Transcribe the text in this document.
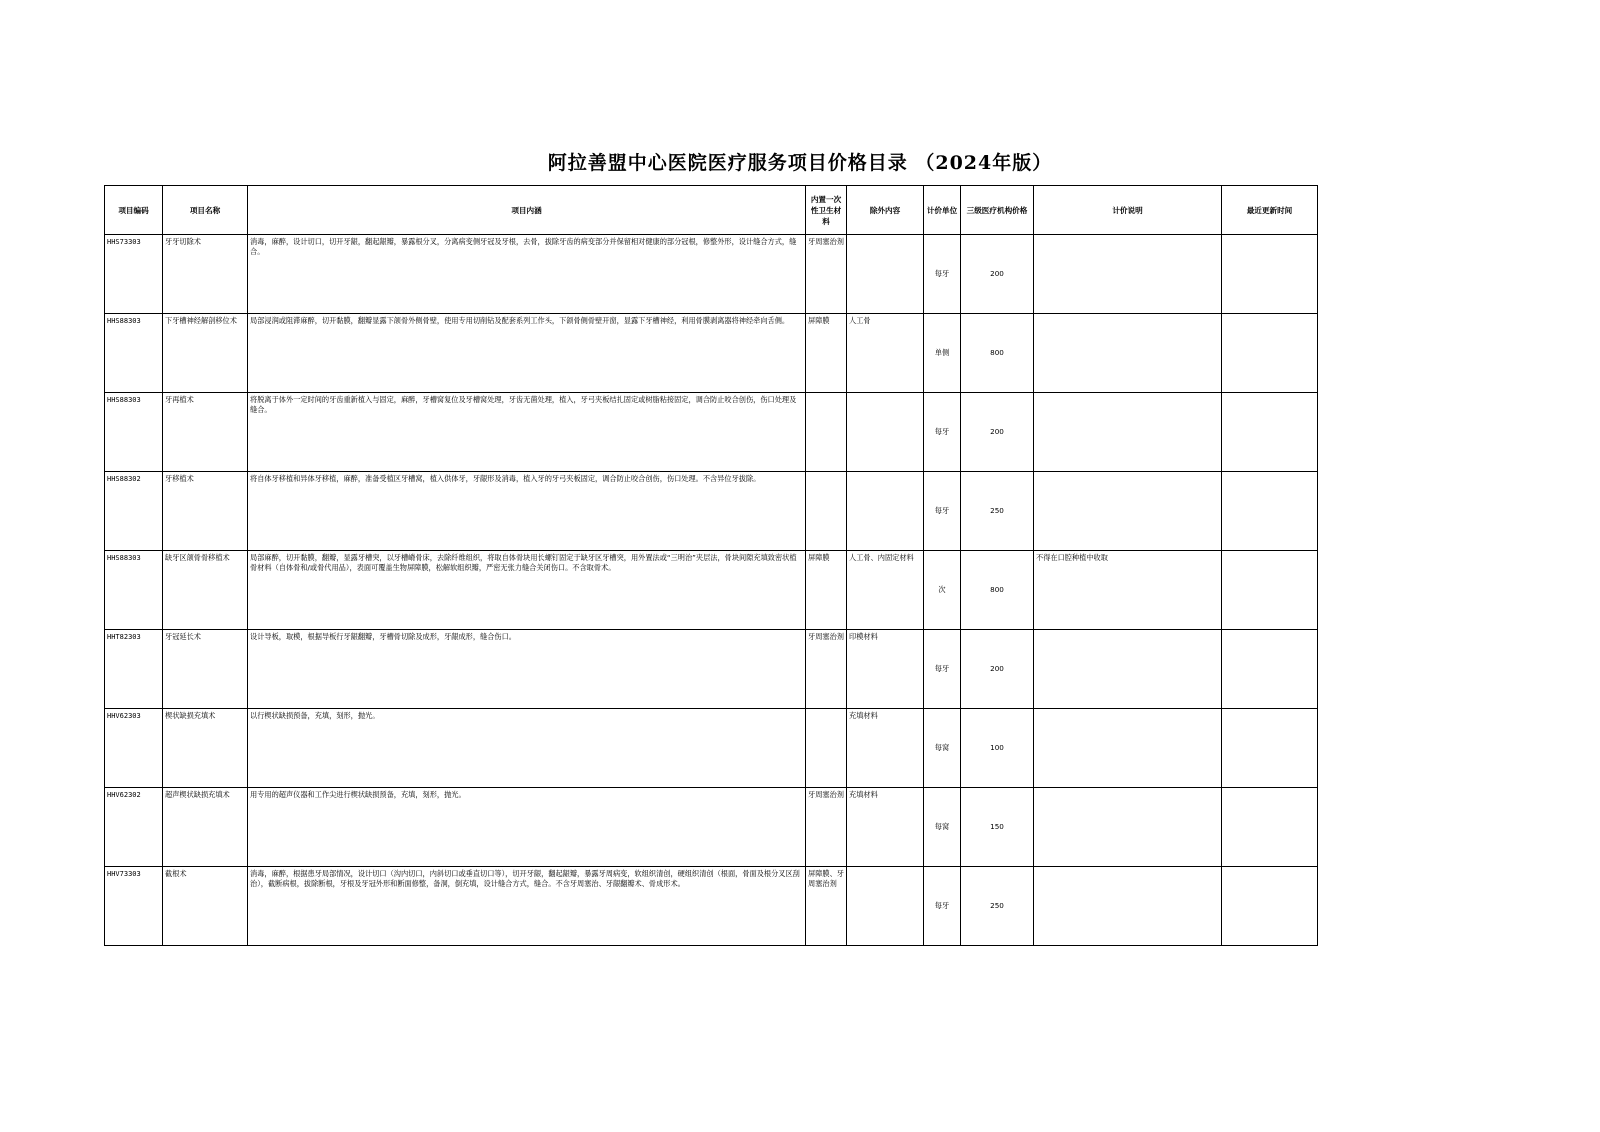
阿拉善盟中心医院医疗服务项目价格目录 （2024年版）
项目编码	项目名称	项目内涵	内置一次性卫生材料	除外内容	计价单位	三级医疗机构价格	计价说明	最近更新时间
HHS73303	牙牙切除术	消毒，麻醉，设计切口，切开牙龈，翻起龈瓣，暴露根分叉，分离病变侧牙冠及牙根，去骨，拔除牙齿的病变部分并保留相对健康的部分冠根，修整外形，设计缝合方式，缝合。	牙周塞治剂		每牙	200		
HHS88303	下牙槽神经解剖移位术	局部浸润或阻滞麻醉，切开黏膜，翻瓣显露下颌骨外侧骨壁，使用专用切削钻及配套系列工作头，下颌骨侧骨壁开窗，显露下牙槽神经，利用骨膜剥离器将神经牵向舌侧。	屏障膜	人工骨	单侧	800		
HHS88303	牙再植术	将脱离于体外一定时间的牙齿重新植入与固定，麻醉，牙槽窝复位及牙槽窝处理，牙齿无菌处理，植入，牙弓夹板结扎固定或树脂粘接固定，调合防止咬合创伤，伤口处理及缝合。			每牙	200		
HHS88302	牙移植术	将自体牙移植和异体牙移植，麻醉，准备受植区牙槽窝，植入供体牙，牙龈形及消毒，植入牙的牙弓夹板固定，调合防止咬合创伤，伤口处理。不含异位牙拔除。			每牙	250		
HHS88303	缺牙区颌骨骨移植术	局部麻醉，切开黏膜，翻瓣，显露牙槽突，以牙槽嵴骨床，去除纤维组织，将取自体骨块用长螺钉固定于缺牙区牙槽突，用外置法或“三明治”夹层法，骨块间隙充填致密状植骨材料（自体骨和/或骨代用品），表面可覆盖生物屏障膜，松解软组织瓣，严密无张力缝合关闭伤口。不含取骨术。	屏障膜	人工骨、内固定材料	次	800	不得在口腔种植中收取	
HHT82303	牙冠延长术	设计导板，取模，根据导板行牙龈翻瓣，牙槽骨切除及成形，牙龈成形，缝合伤口。	牙周塞治剂	印模材料	每牙	200		
HHV62303	楔状缺损充填术	以行楔状缺损预备，充填，刻形，抛光。		充填材料	每窝	100		
HHV62302	超声楔状缺损充填术	用专用的超声仪器和工作尖进行楔状缺损预备，充填，刻形，抛光。	牙周塞治剂	充填材料	每窝	150		
HHV73303	截根术	消毒，麻醉，根据患牙局部情况，设计切口（沟内切口，内斜切口或垂直切口等），切开牙龈，翻起龈瓣，暴露牙周病变，软组织清创，硬组织清创（根面，骨面及根分叉区刮治），截断病根，拔除断根，牙根及牙冠外形和断面修整，备洞，倒充填，设计缝合方式，缝合。不含牙周塞治、牙龈翻瓣术、骨成形术。	屏障膜、牙周塞治剂		每牙	250		
